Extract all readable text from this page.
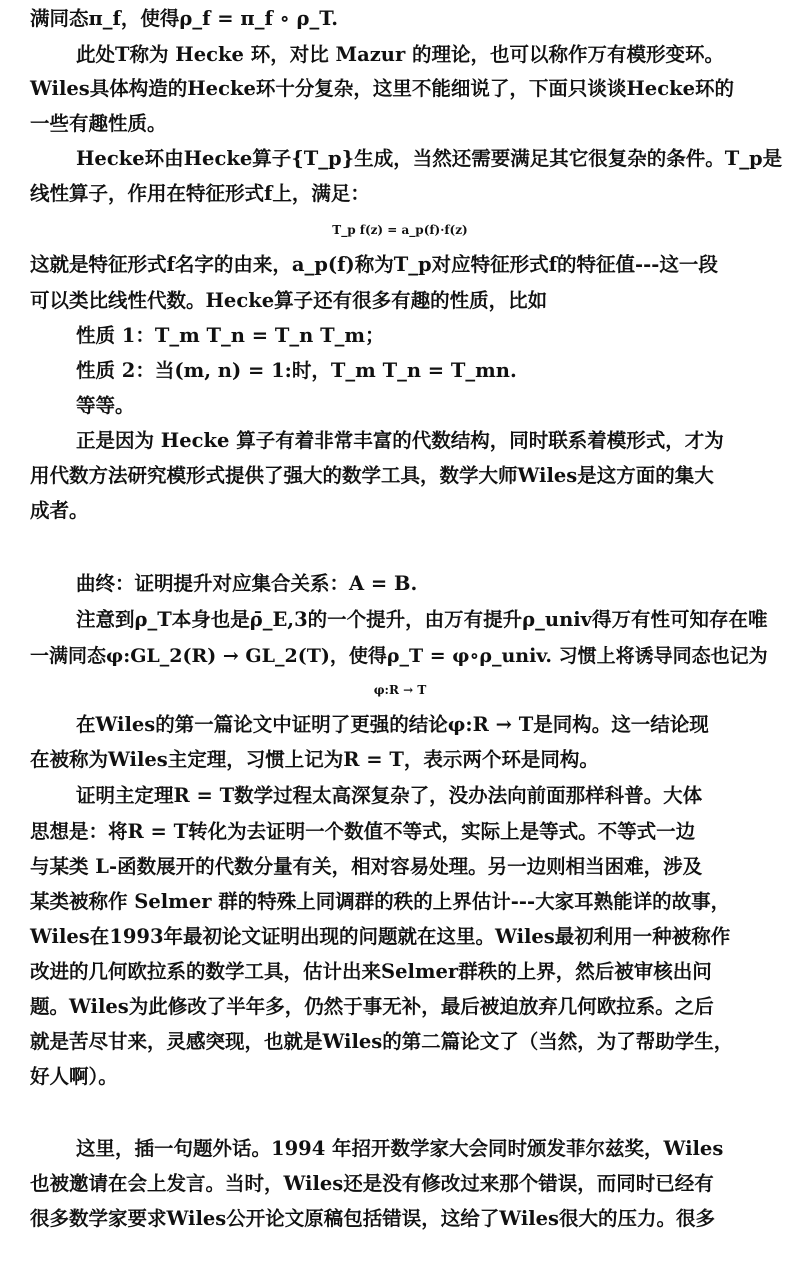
满同态π_f，使得ρ_f = π_f ∘ ρ_T.
此处T称为 Hecke 环，对比 Mazur 的理论，也可以称作万有模形变环。
Wiles具体构造的Hecke环十分复杂，这里不能细说了，下面只谈谈Hecke环的
一些有趣性质。
Hecke环由Hecke算子{T_p}生成，当然还需要满足其它很复杂的条件。T_p是
线性算子，作用在特征形式f上，满足：
T_p f(z) = a_p(f)·f(z)
这就是特征形式f名字的由来，a_p(f)称为T_p对应特征形式f的特征值---这一段
可以类比线性代数。Hecke算子还有很多有趣的性质，比如
性质 1：T_m T_n = T_n T_m；
性质 2：当(m, n) = 1:时，T_m T_n = T_mn.
等等。
正是因为 Hecke 算子有着非常丰富的代数结构，同时联系着模形式，才为
用代数方法研究模形式提供了强大的数学工具，数学大师Wiles是这方面的集大
成者。
曲终：证明提升对应集合关系：A = B.
注意到ρ_T本身也是ρ̄_E,3的一个提升，由万有提升ρ_univ得万有性可知存在唯
一满同态φ:GL_2(R) → GL_2(T)，使得ρ_T = φ∘ρ_univ. 习惯上将诱导同态也记为
φ:R → T
在Wiles的第一篇论文中证明了更强的结论φ:R → T是同构。这一结论现
在被称为Wiles主定理，习惯上记为R = T，表示两个环是同构。
证明主定理R = T数学过程太高深复杂了，没办法向前面那样科普。大体
思想是：将R = T转化为去证明一个数值不等式，实际上是等式。不等式一边
与某类 L-函数展开的代数分量有关，相对容易处理。另一边则相当困难，涉及
某类被称作 Selmer 群的特殊上同调群的秩的上界估计---大家耳熟能详的故事，
Wiles在1993年最初论文证明出现的问题就在这里。Wiles最初利用一种被称作
改进的几何欧拉系的数学工具，估计出来Selmer群秩的上界，然后被审核出问
题。Wiles为此修改了半年多，仍然于事无补，最后被迫放弃几何欧拉系。之后
就是苦尽甘来，灵感突现，也就是Wiles的第二篇论文了（当然，为了帮助学生，
好人啊）。
这里，插一句题外话。1994 年招开数学家大会同时颁发菲尔兹奖，Wiles
也被邀请在会上发言。当时，Wiles还是没有修改过来那个错误，而同时已经有
很多数学家要求Wiles公开论文原稿包括错误，这给了Wiles很大的压力。很多
